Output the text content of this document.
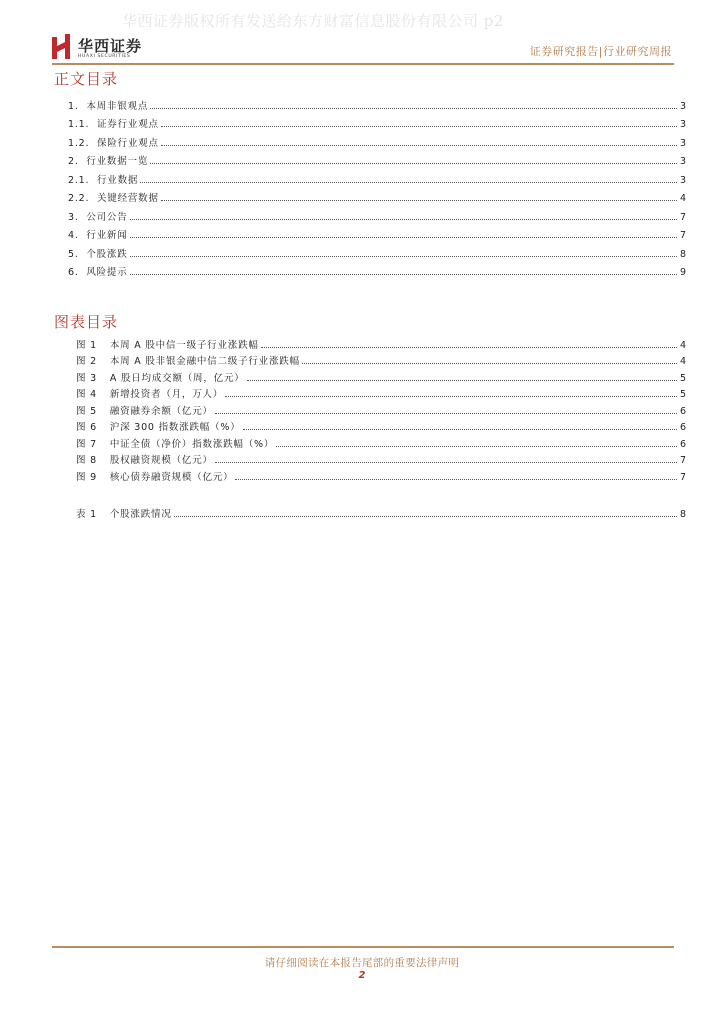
华西证券版权所有发送给东方财富信息股份有限公司 p2
华西证券
HUAXI SECURITIES	证券研究报告|行业研究周报
正文目录
1. 本周非银观点	3
1.1. 证券行业观点	3
1.2. 保险行业观点	3
2. 行业数据一览	3
2.1. 行业数据	3
2.2. 关键经营数据	4
3. 公司公告	7
4. 行业新闻	7
5. 个股涨跌	8
6. 风险提示	9
图表目录
图 1 本周 A 股中信一级子行业涨跌幅	4
图 2 本周 A 股非银金融中信二级子行业涨跌幅	4
图 3 A 股日均成交额（周，亿元）	5
图 4 新增投资者（月，万人）	5
图 5 融资融券余额（亿元）	6
图 6 沪深 300 指数涨跌幅（%）	6
图 7 中证全债（净价）指数涨跌幅（%）	6
图 8 股权融资规模（亿元）	7
图 9 核心债券融资规模（亿元）	7
表 1 个股涨跌情况	8
请仔细阅读在本报告尾部的重要法律声明
2
